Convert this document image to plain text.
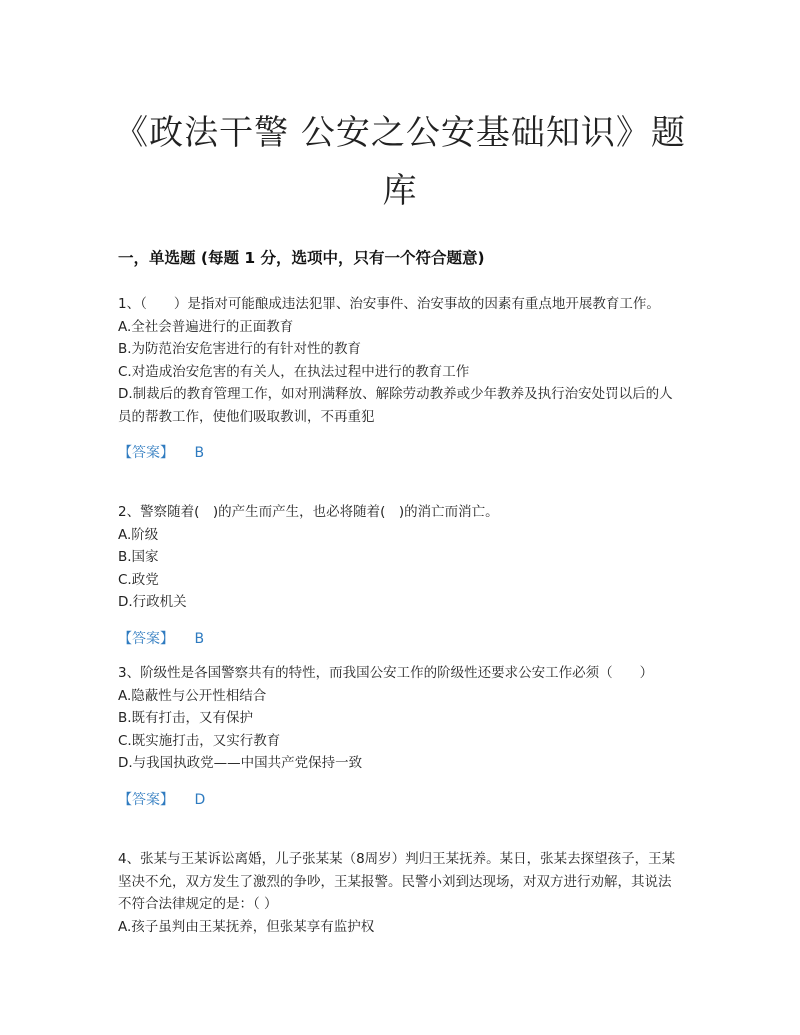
《政法干警 公安之公安基础知识》题库
一，单选题 (每题 1 分，选项中，只有一个符合题意)
1、（　　）是指对可能酿成违法犯罪、治安事件、治安事故的因素有重点地开展教育工作。
A.全社会普遍进行的正面教育
B.为防范治安危害进行的有针对性的教育
C.对造成治安危害的有关人，在执法过程中进行的教育工作
D.制裁后的教育管理工作，如对刑满释放、解除劳动教养或少年教养及执行治安处罚以后的人员的帮教工作，使他们吸取教训，不再重犯
【答案】 B
2、警察随着(　)的产生而产生，也必将随着(　)的消亡而消亡。
A.阶级
B.国家
C.政党
D.行政机关
【答案】 B
3、阶级性是各国警察共有的特性，而我国公安工作的阶级性还要求公安工作必须（　　）
A.隐蔽性与公开性相结合
B.既有打击，又有保护
C.既实施打击，又实行教育
D.与我国执政党——中国共产党保持一致
【答案】 D
4、张某与王某诉讼离婚，儿子张某某（8周岁）判归王某抚养。某日，张某去探望孩子，王某坚决不允，双方发生了激烈的争吵，王某报警。民警小刘到达现场，对双方进行劝解，其说法不符合法律规定的是：（ ）
A.孩子虽判由王某抚养，但张某享有监护权
